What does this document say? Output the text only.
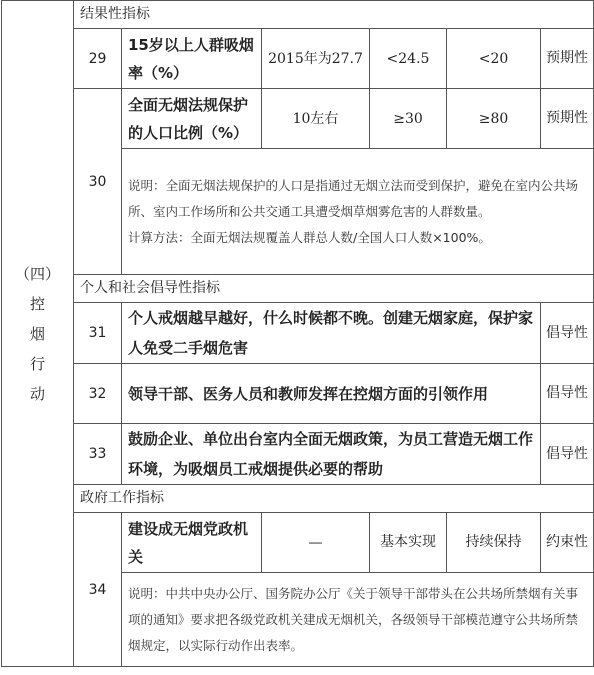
（四）
控
烟
行
动	结果性指标					
	29	15岁以上人群吸烟率（%）	2015年为27.7	<24.5	<20	预期性
	30	全面无烟法规保护的人口比例（%）	10左右	≥30	≥80	预期性

		说明：全面无烟法规保护的人口是指通过无烟立法而受到保护，避免在室内公共场所、室内工作场所和公共交通工具遭受烟草烟雾危害的人群数量。

计算方法：全面无烟法规覆盖人群总人数/全国人口人数×100%。				

	个人和社会倡导性指标					
	31	个人戒烟越早越好，什么时候都不晚。创建无烟家庭，保护家人免受二手烟危害				倡导性
	32	领导干部、医务人员和教师发挥在控烟方面的引领作用				倡导性
	33	鼓励企业、单位出台室内全面无烟政策，为员工营造无烟工作环境，为吸烟员工戒烟提供必要的帮助				倡导性
	政府工作指标					
	34	建设成无烟党政机关	—	基本实现	持续保持	约束性

		说明：中共中央办公厅、国务院办公厅《关于领导干部带头在公共场所禁烟有关事项的通知》要求把各级党政机关建成无烟机关，各级领导干部模范遵守公共场所禁烟规定，以实际行动作出表率。				
